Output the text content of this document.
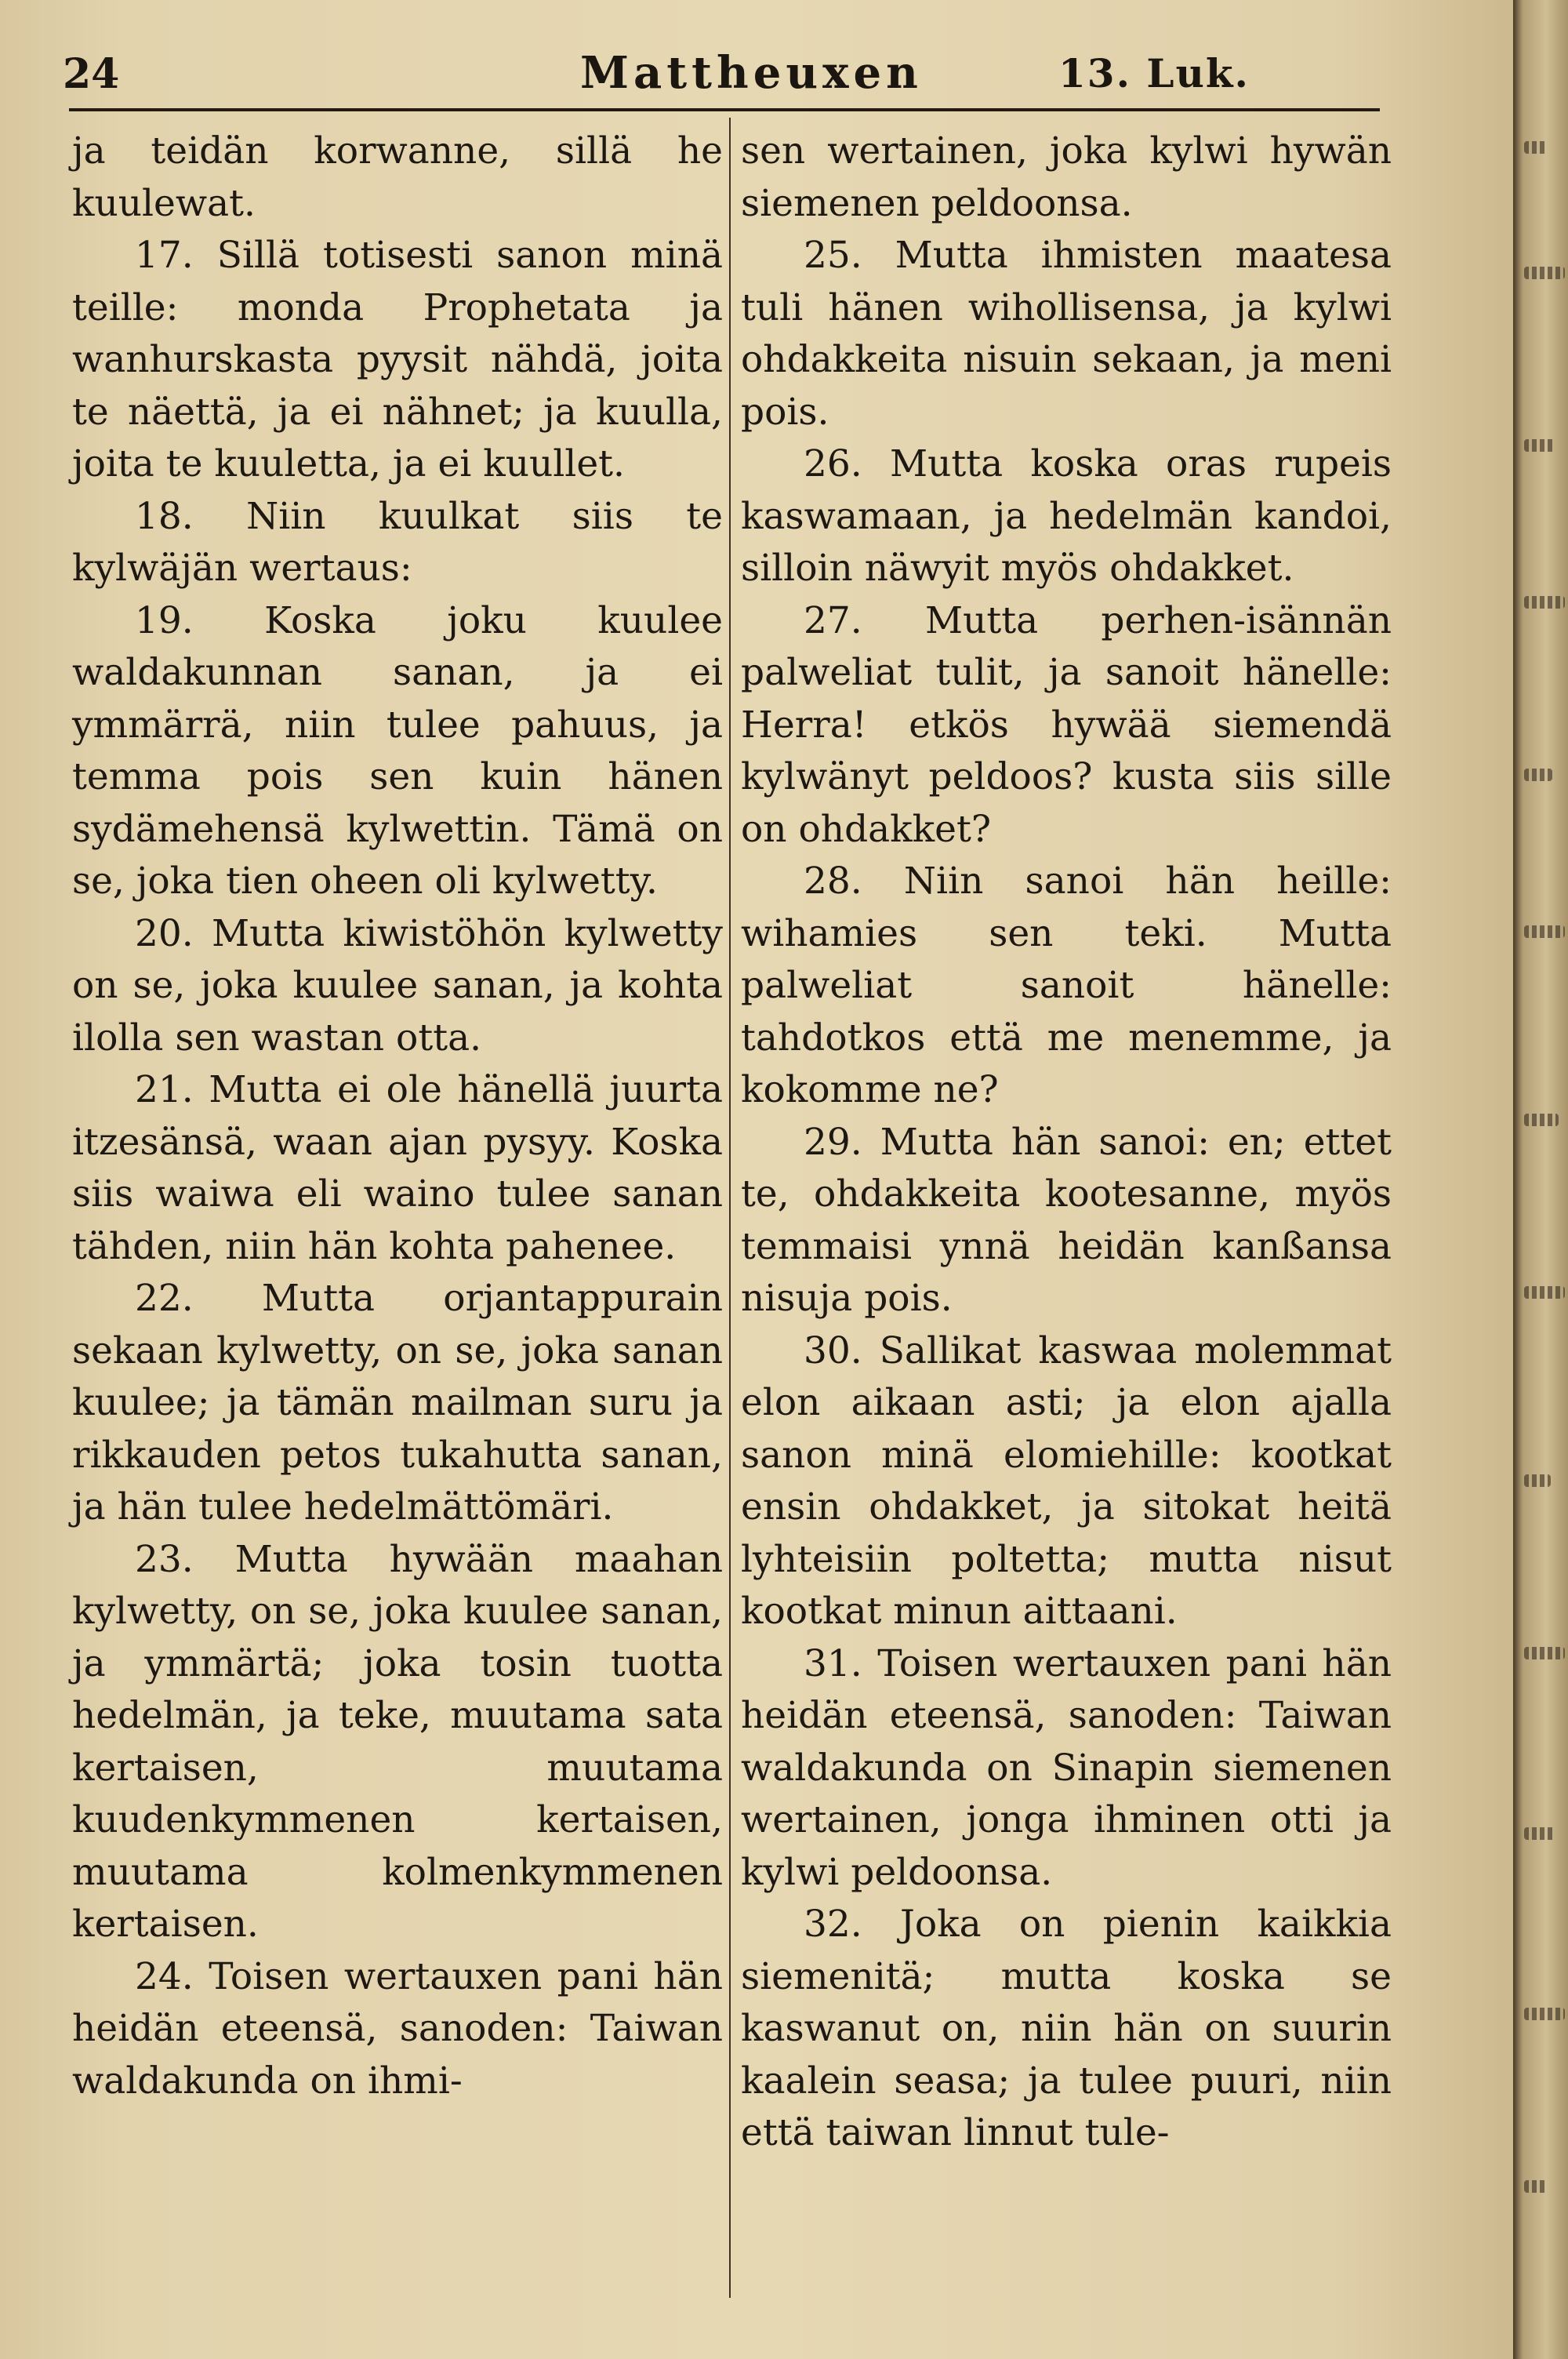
24	Mattheuxen	13. Luk.

ja teidän korwanne, sillä he kuulewat.

17. Sillä totisesti sanon minä teille: monda Prophetata ja wanhurskasta pyysit nähdä, joita te näettä, ja ei nähnet; ja kuulla, joita te kuuletta, ja ei kuullet.

18. Niin kuulkat siis te kylwäjän wertaus:

19. Koska joku kuulee waldakunnan sanan, ja ei ymmärrä, niin tulee pahuus, ja temma pois sen kuin hänen sydämehensä kylwettin. Tämä on se, joka tien oheen oli kylwetty.

20. Mutta kiwistöhön kylwetty on se, joka kuulee sanan, ja kohta ilolla sen wastan otta.

21. Mutta ei ole hänellä juurta itzesänsä, waan ajan pysyy. Koska siis waiwa eli waino tulee sanan tähden, niin hän kohta pahenee.

22. Mutta orjantappurain sekaan kylwetty, on se, joka sanan kuulee; ja tämän mailman suru ja rikkauden petos tukahutta sanan, ja hän tulee hedelmättömäri.

23. Mutta hywään maahan kylwetty, on se, joka kuulee sanan, ja ymmärtä; joka tosin tuotta hedelmän, ja teke, muutama sata kertaisen, muutama kuudenkymmenen kertaisen, muutama kolmenkymmenen kertaisen.

24. Toisen wertauxen pani hän heidän eteensä, sanoden: Taiwan waldakunda on ihmi-

sen wertainen, joka kylwi hywän siemenen peldoonsa.

25. Mutta ihmisten maatesa tuli hänen wihollisensa, ja kylwi ohdakkeita nisuin sekaan, ja meni pois.

26. Mutta koska oras rupeis kaswamaan, ja hedelmän kandoi, silloin näwyit myös ohdakket.

27. Mutta perhen-isännän palweliat tulit, ja sanoit hänelle: Herra! etkös hywää siemendä kylwänyt peldoos? kusta siis sille on ohdakket?

28. Niin sanoi hän heille: wihamies sen teki. Mutta palweliat sanoit hänelle: tahdotkos että me menemme, ja kokomme ne?

29. Mutta hän sanoi: en; ettet te, ohdakkeita kootesanne, myös temmaisi ynnä heidän kanßansa nisuja pois.

30. Sallikat kaswaa molemmat elon aikaan asti; ja elon ajalla sanon minä elomiehille: kootkat ensin ohdakket, ja sitokat heitä lyhteisiin poltetta; mutta nisut kootkat minun aittaani.

31. Toisen wertauxen pani hän heidän eteensä, sanoden: Taiwan waldakunda on Sinapin siemenen wertainen, jonga ihminen otti ja kylwi peldoonsa.

32. Joka on pienin kaikkia siemenitä; mutta koska se kaswanut on, niin hän on suurin kaalein seasa; ja tulee puuri, niin että taiwan linnut tule-
